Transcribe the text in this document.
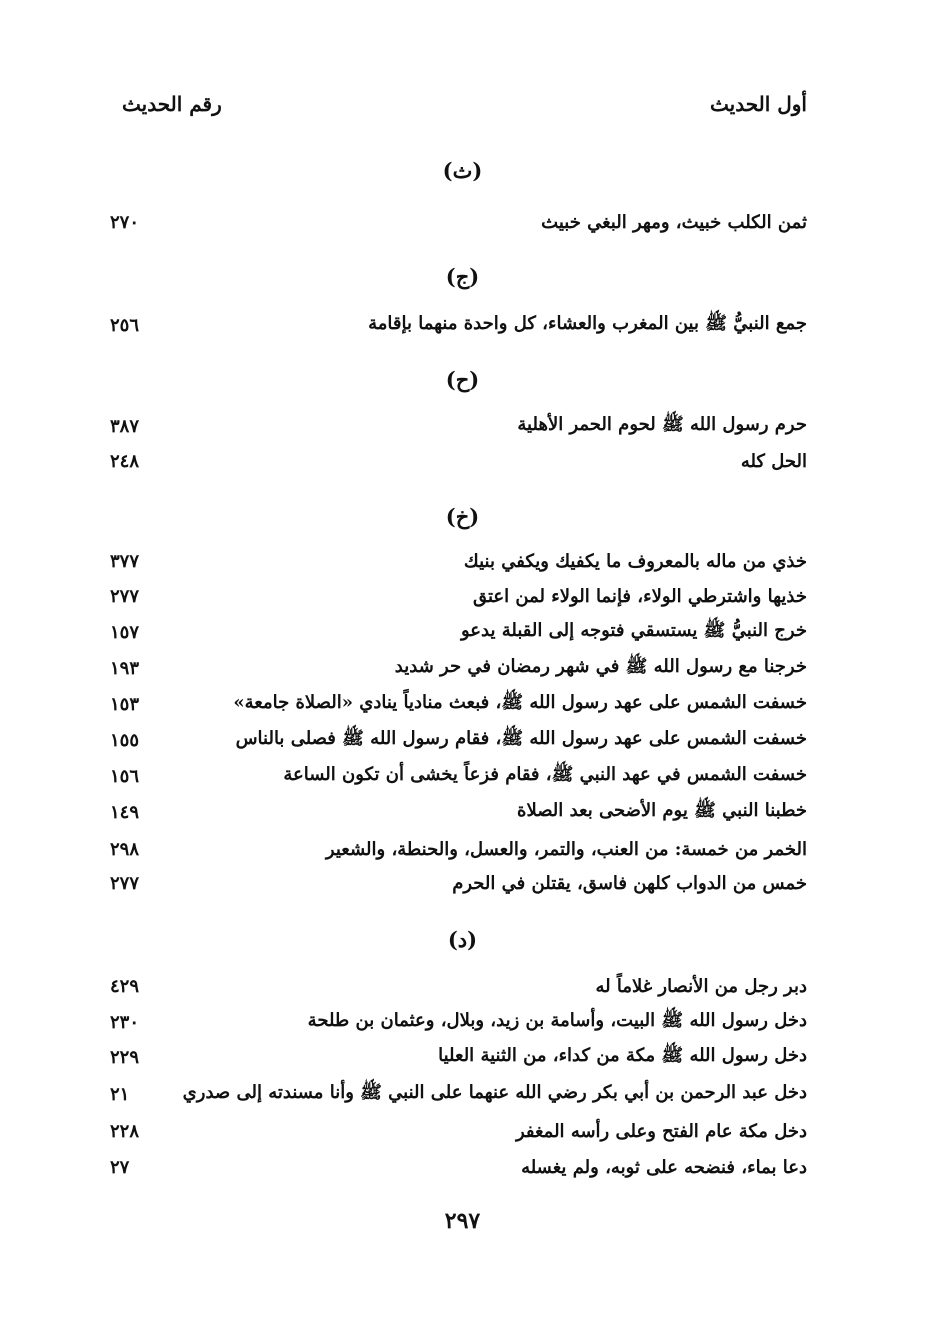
أول الحديث
رقم الحديث
(ث)
ثمن الكلب خبيث، ومهر البغي خبيث
٢٧٠
(ج)
جمع النبيُّ ﷺ بين المغرب والعشاء، كل واحدة منهما بإقامة
٢٥٦
(ح)
حرم رسول الله ﷺ لحوم الحمر الأهلية
٣٨٧
الحل كله
٢٤٨
(خ)
خذي من ماله بالمعروف ما يكفيك ويكفي بنيك
٣٧٧
خذيها واشترطي الولاء، فإنما الولاء لمن اعتق
٢٧٧
خرج النبيُّ ﷺ يستسقي فتوجه إلى القبلة يدعو
١٥٧
خرجنا مع رسول الله ﷺ في شهر رمضان في حر شديد
١٩٣
خسفت الشمس على عهد رسول الله ﷺ، فبعث منادياً ينادي «الصلاة جامعة»
١٥٣
خسفت الشمس على عهد رسول الله ﷺ، فقام رسول الله ﷺ فصلى بالناس
١٥٥
خسفت الشمس في عهد النبي ﷺ، فقام فزعاً يخشى أن تكون الساعة
١٥٦
خطبنا النبي ﷺ يوم الأضحى بعد الصلاة
١٤٩
الخمر من خمسة: من العنب، والتمر، والعسل، والحنطة، والشعير
٢٩٨
خمس من الدواب كلهن فاسق، يقتلن في الحرم
٢٧٧
(د)
دبر رجل من الأنصار غلاماً له
٤٢٩
دخل رسول الله ﷺ البيت، وأسامة بن زيد، وبلال، وعثمان بن طلحة
٢٣٠
دخل رسول الله ﷺ مكة من كداء، من الثنية العليا
٢٢٩
دخل عبد الرحمن بن أبي بكر رضي الله عنهما على النبي ﷺ وأنا مسندته إلى صدري
٢١
دخل مكة عام الفتح وعلى رأسه المغفر
٢٢٨
دعا بماء، فنضحه على ثوبه، ولم يغسله
٢٧
٢٩٧
